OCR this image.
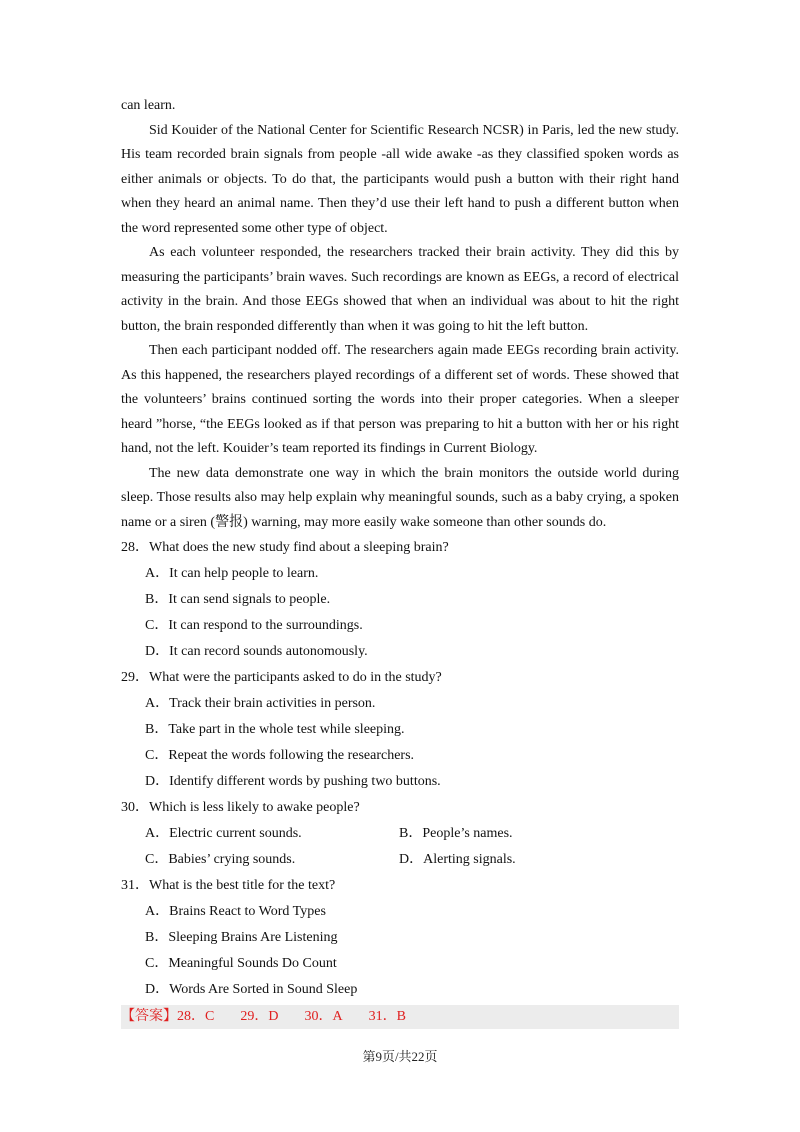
can learn.

Sid Kouider of the National Center for Scientific Research NCSR) in Paris, led the new study. His team recorded brain signals from people -all wide awake -as they classified spoken words as either animals or objects. To do that, the participants would push a button with their right hand when they heard an animal name. Then they’d use their left hand to push a different button when the word represented some other type of object.

As each volunteer responded, the researchers tracked their brain activity. They did this by measuring the participants’ brain waves. Such recordings are known as EEGs, a record of electrical activity in the brain. And those EEGs showed that when an individual was about to hit the right button, the brain responded differently than when it was going to hit the left button.

Then each participant nodded off. The researchers again made EEGs recording brain activity. As this happened, the researchers played recordings of a different set of words. These showed that the volunteers’ brains continued sorting the words into their proper categories. When a sleeper heard ”horse, “the EEGs looked as if that person was preparing to hit a button with her or his right hand, not the left. Kouider’s team reported its findings in Current Biology.

The new data demonstrate one way in which the brain monitors the outside world during sleep. Those results also may help explain why meaningful sounds, such as a baby crying, a spoken name or a siren (警报) warning, may more easily wake someone than other sounds do.

28．What does the new study find about a sleeping brain?

A．It can help people to learn.

B．It can send signals to people.

C．It can respond to the surroundings.

D．It can record sounds autonomously.

29．What were the participants asked to do in the study?

A．Track their brain activities in person.

B．Take part in the whole test while sleeping.

C．Repeat the words following the researchers.

D．Identify different words by pushing two buttons.

30．Which is less likely to awake people?

A．Electric current sounds.	B．People’s names.
C．Babies’ crying sounds.	D．Alerting signals.

31．What is the best title for the text?

A．Brains React to Word Types

B．Sleeping Brains Are Listening

C．Meaningful Sounds Do Count

D．Words Are Sorted in Sound Sleep

【答案】28．C 29．D 30．A 31．B
第9页/共22页
